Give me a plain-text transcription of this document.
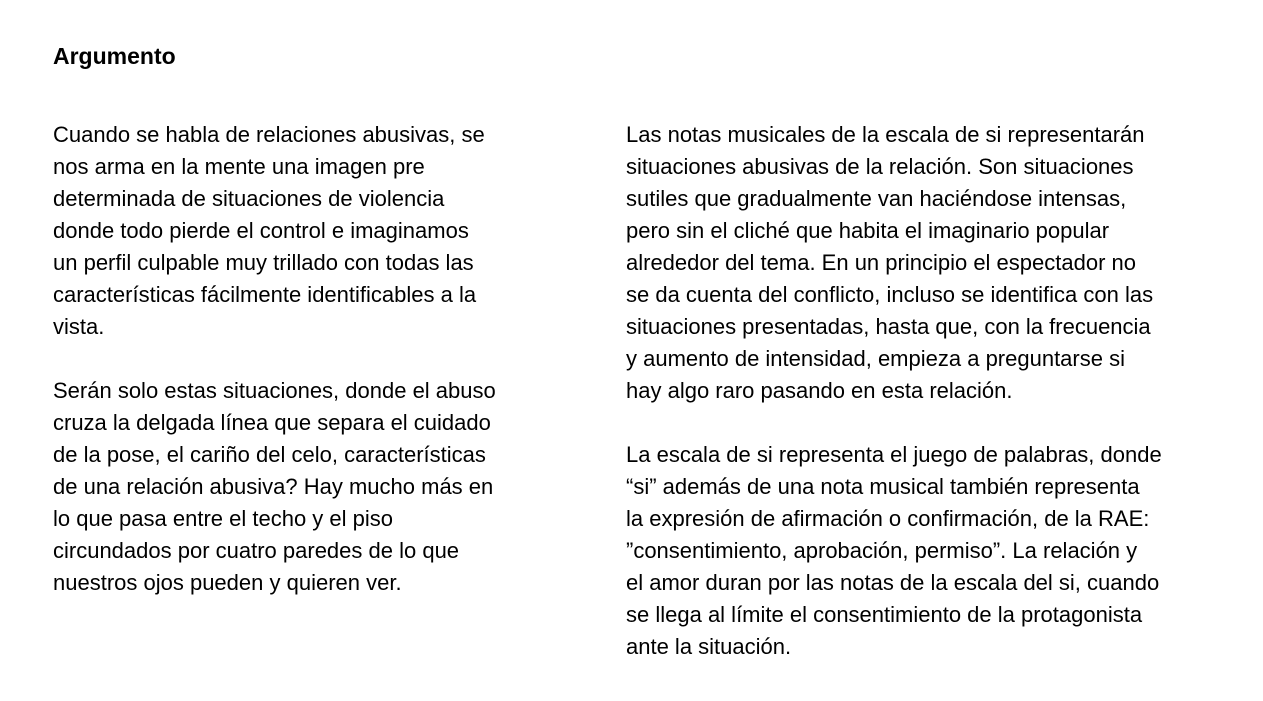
Argumento

Cuando se habla de relaciones abusivas, se
nos arma en la mente una imagen pre
determinada de situaciones de violencia
donde todo pierde el control e imaginamos
un perfil culpable muy trillado con todas las
características fácilmente identificables a la
vista.

Serán solo estas situaciones, donde el abuso
cruza la delgada línea que separa el cuidado
de la pose, el cariño del celo, características
de una relación abusiva? Hay mucho más en
lo que pasa entre el techo y el piso
circundados por cuatro paredes de lo que
nuestros ojos pueden y quieren ver.

Las notas musicales de la escala de si representarán
situaciones abusivas de la relación. Son situaciones
sutiles que gradualmente van haciéndose intensas,
pero sin el cliché que habita el imaginario popular
alrededor del tema. En un principio el espectador no
se da cuenta del conflicto, incluso se identifica con las
situaciones presentadas, hasta que, con la frecuencia
y aumento de intensidad, empieza a preguntarse si
hay algo raro pasando en esta relación.

La escala de si representa el juego de palabras, donde
“si” además de una nota musical también representa
la expresión de afirmación o confirmación, de la RAE:
”consentimiento, aprobación, permiso”. La relación y
el amor duran por las notas de la escala del si, cuando
se llega al límite el consentimiento de la protagonista
ante la situación.
